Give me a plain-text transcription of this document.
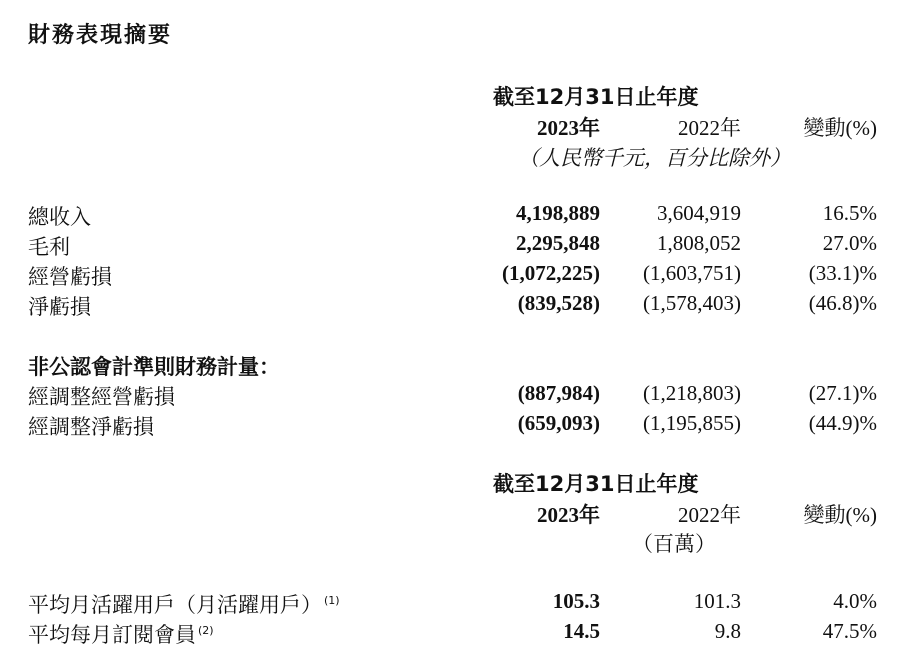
財務表現摘要
截至12月31日止年度
2023年	2022年	變動(%)
（人民幣千元，百分比除外）
總收入	4,198,889	3,604,919	16.5%
毛利	2,295,848	1,808,052	27.0%
經營虧損	(1,072,225) (1,603,751)	(33.1)%
淨虧損	(839,528) (1,578,403)	(46.8)%
非公認會計準則財務計量：
經調整經營虧損	(887,984) (1,218,803)	(27.1)%
經調整淨虧損	(659,093) (1,195,855)	(44.9)%
截至12月31日止年度
2023年	2022年	變動(%)
（百萬）
平均月活躍用戶（月活躍用戶） $^{(1)}$	105.3	101.3	4.0%
平均每月訂閱會員 $^{(2)}$	14.5	9.8	47.5%
